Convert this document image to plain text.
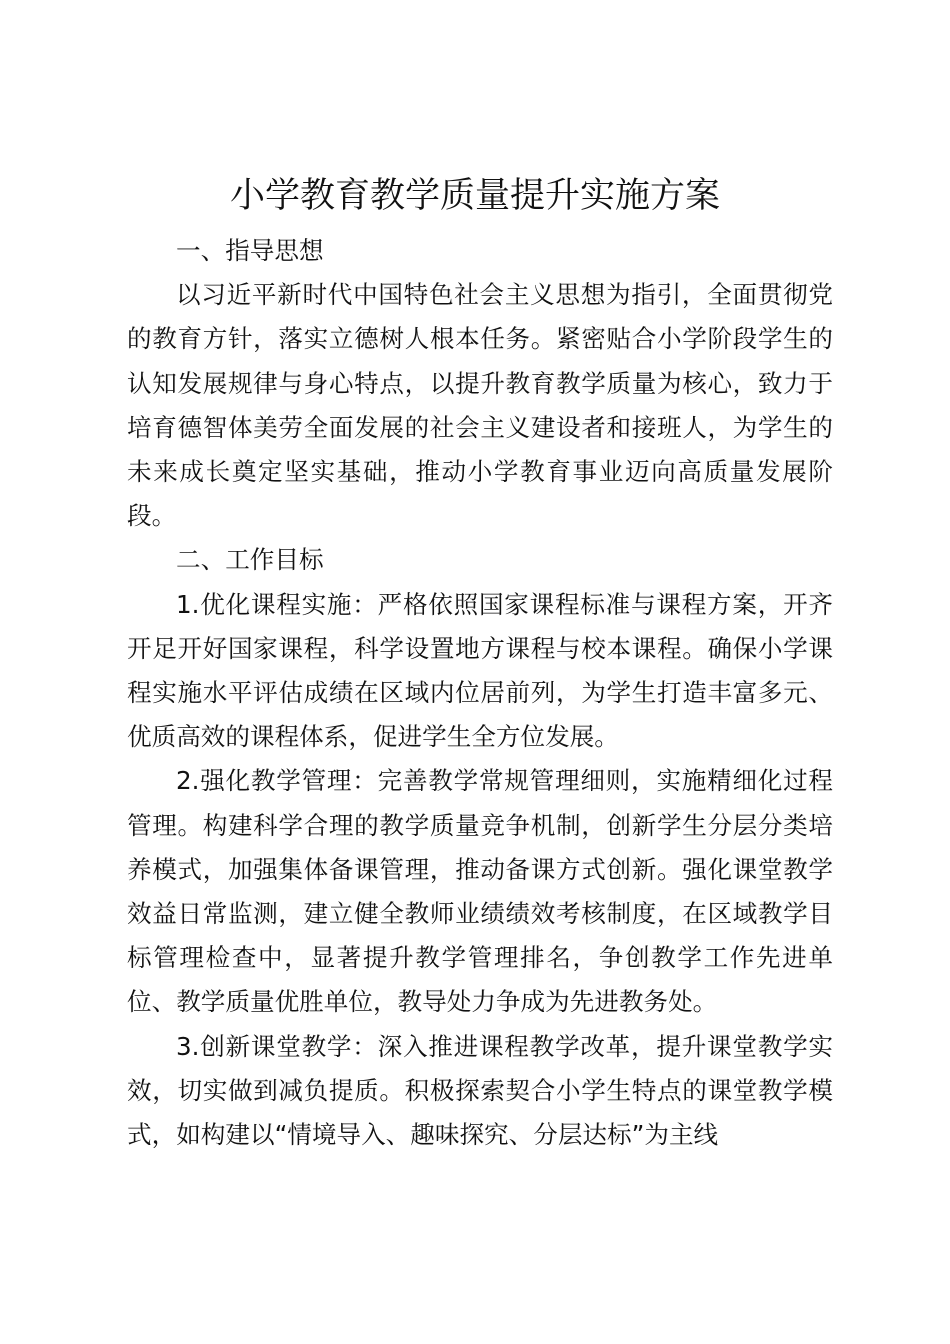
小学教育教学质量提升实施方案

一、指导思想

以习近平新时代中国特色社会主义思想为指引，全面贯彻党的教育方针，落实立德树人根本任务。紧密贴合小学阶段学生的认知发展规律与身心特点，以提升教育教学质量为核心，致力于培育德智体美劳全面发展的社会主义建设者和接班人，为学生的未来成长奠定坚实基础，推动小学教育事业迈向高质量发展阶段。

二、工作目标

1.优化课程实施：严格依照国家课程标准与课程方案，开齐开足开好国家课程，科学设置地方课程与校本课程。确保小学课程实施水平评估成绩在区域内位居前列，为学生打造丰富多元、优质高效的课程体系，促进学生全方位发展。

2.强化教学管理：完善教学常规管理细则，实施精细化过程管理。构建科学合理的教学质量竞争机制，创新学生分层分类培养模式，加强集体备课管理，推动备课方式创新。强化课堂教学效益日常监测，建立健全教师业绩绩效考核制度，在区域教学目标管理检查中，显著提升教学管理排名，争创教学工作先进单位、教学质量优胜单位，教导处力争成为先进教务处。

3.创新课堂教学：深入推进课程教学改革，提升课堂教学实效，切实做到减负提质。积极探索契合小学生特点的课堂教学模式，如构建以“情境导入、趣味探究、分层达标”为主线
